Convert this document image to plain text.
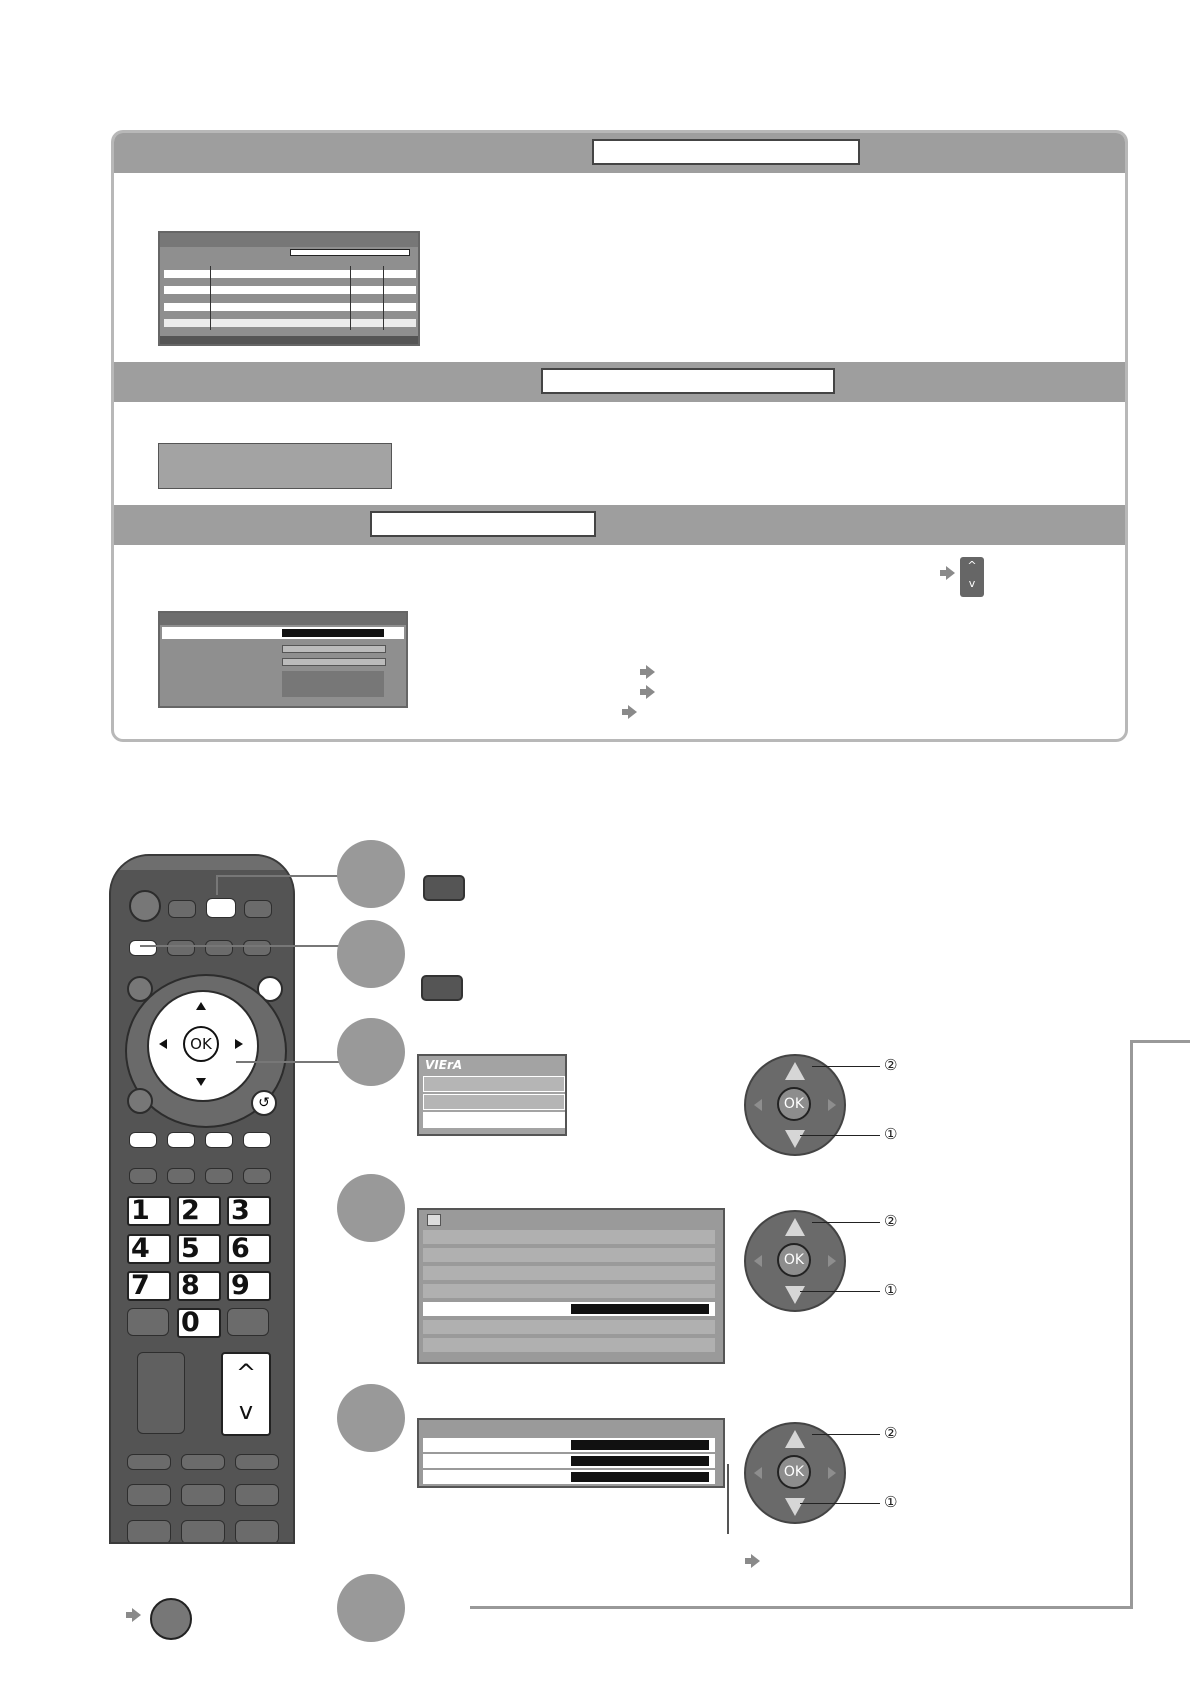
^
v
OK
↺
1	2	3
4	5	6
7	8	9
0
^
v
VIErA
OK
②
①
OK
②
①
OK
②
①
